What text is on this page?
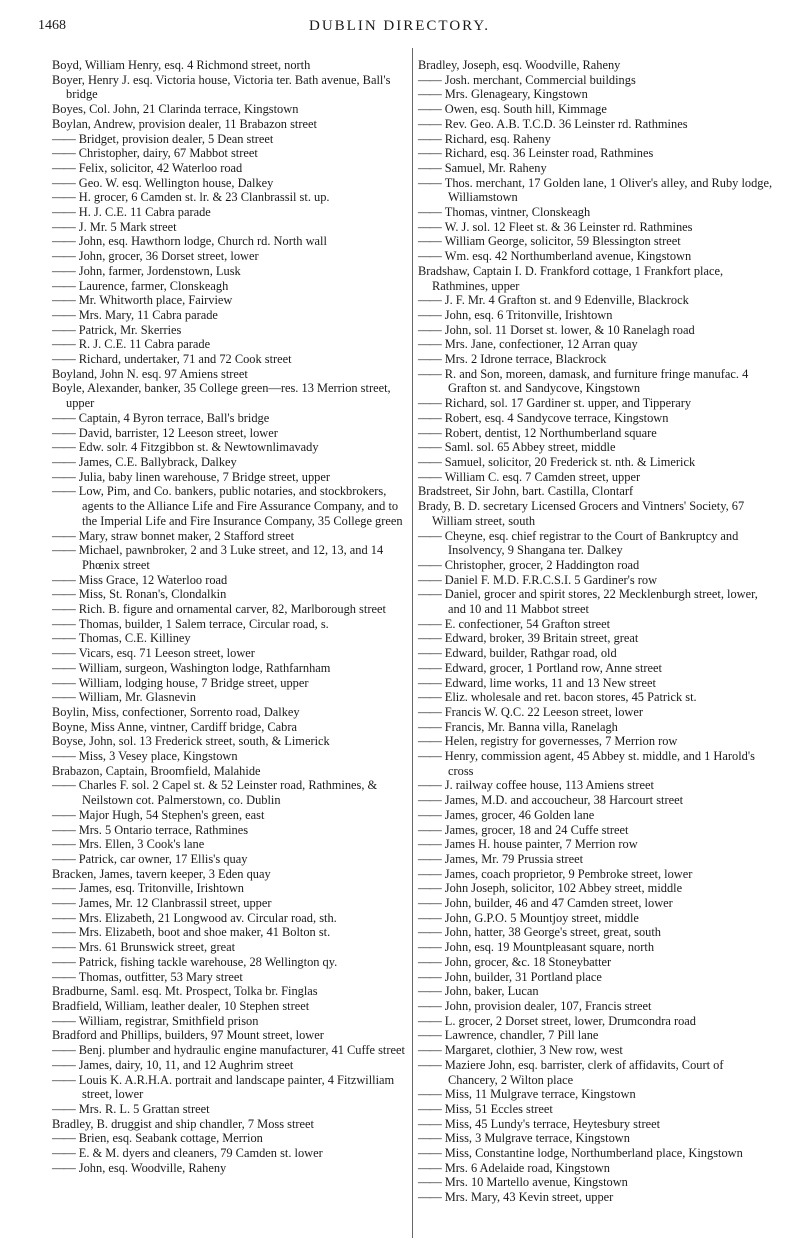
1468	DUBLIN DIRECTORY.
Boyd, William Henry, esq. 4 Richmond street, north
Boyer, Henry J. esq. Victoria house, Victoria ter. Bath avenue, Ball's bridge
Boyes, Col. John, 21 Clarinda terrace, Kingstown
Boylan, Andrew, provision dealer, 11 Brabazon street
—— Bridget, provision dealer, 5 Dean street
—— Christopher, dairy, 67 Mabbot street
—— Felix, solicitor, 42 Waterloo road
—— Geo. W. esq. Wellington house, Dalkey
—— H. grocer, 6 Camden st. lr. & 23 Clanbrassil st. up.
—— H. J. C.E. 11 Cabra parade
—— J. Mr. 5 Mark street
—— John, esq. Hawthorn lodge, Church rd. North wall
—— John, grocer, 36 Dorset street, lower
—— John, farmer, Jordenstown, Lusk
—— Laurence, farmer, Clonskeagh
—— Mr. Whitworth place, Fairview
—— Mrs. Mary, 11 Cabra parade
—— Patrick, Mr. Skerries
—— R. J. C.E. 11 Cabra parade
—— Richard, undertaker, 71 and 72 Cook street
Boyland, John N. esq. 97 Amiens street
Boyle, Alexander, banker, 35 College green—res. 13 Merrion street, upper
—— Captain, 4 Byron terrace, Ball's bridge
—— David, barrister, 12 Leeson street, lower
—— Edw. solr. 4 Fitzgibbon st. & Newtownlimavady
—— James, C.E. Ballybrack, Dalkey
—— Julia, baby linen warehouse, 7 Bridge street, upper
—— Low, Pim, and Co. bankers, public notaries, and stockbrokers, agents to the Alliance Life and Fire Assurance Company, and to the Imperial Life and Fire Insurance Company, 35 College green
—— Mary, straw bonnet maker, 2 Stafford street
—— Michael, pawnbroker, 2 and 3 Luke street, and 12, 13, and 14 Phœnix street
—— Miss Grace, 12 Waterloo road
—— Miss, St. Ronan's, Clondalkin
—— Rich. B. figure and ornamental carver, 82, Marlborough street
—— Thomas, builder, 1 Salem terrace, Circular road, s.
—— Thomas, C.E. Killiney
—— Vicars, esq. 71 Leeson street, lower
—— William, surgeon, Washington lodge, Rathfarnham
—— William, lodging house, 7 Bridge street, upper
—— William, Mr. Glasnevin
Boylin, Miss, confectioner, Sorrento road, Dalkey
Boyne, Miss Anne, vintner, Cardiff bridge, Cabra
Boyse, John, sol. 13 Frederick street, south, & Limerick
—— Miss, 3 Vesey place, Kingstown
Brabazon, Captain, Broomfield, Malahide
—— Charles F. sol. 2 Capel st. & 52 Leinster road, Rathmines, & Neilstown cot. Palmerstown, co. Dublin
—— Major Hugh, 54 Stephen's green, east
—— Mrs. 5 Ontario terrace, Rathmines
—— Mrs. Ellen, 3 Cook's lane
—— Patrick, car owner, 17 Ellis's quay
Bracken, James, tavern keeper, 3 Eden quay
—— James, esq. Tritonville, Irishtown
—— James, Mr. 12 Clanbrassil street, upper
—— Mrs. Elizabeth, 21 Longwood av. Circular road, sth.
—— Mrs. Elizabeth, boot and shoe maker, 41 Bolton st.
—— Mrs. 61 Brunswick street, great
—— Patrick, fishing tackle warehouse, 28 Wellington qy.
—— Thomas, outfitter, 53 Mary street
Bradburne, Saml. esq. Mt. Prospect, Tolka br. Finglas
Bradfield, William, leather dealer, 10 Stephen street
—— William, registrar, Smithfield prison
Bradford and Phillips, builders, 97 Mount street, lower
—— Benj. plumber and hydraulic engine manufacturer, 41 Cuffe street
—— James, dairy, 10, 11, and 12 Aughrim street
—— Louis K. A.R.H.A. portrait and landscape painter, 4 Fitzwilliam street, lower
—— Mrs. R. L. 5 Grattan street
Bradley, B. druggist and ship chandler, 7 Moss street
—— Brien, esq. Seabank cottage, Merrion
—— E. & M. dyers and cleaners, 79 Camden st. lower
—— John, esq. Woodville, Raheny
Bradley, Joseph, esq. Woodville, Raheny
—— Josh. merchant, Commercial buildings
—— Mrs. Glenageary, Kingstown
—— Owen, esq. South hill, Kimmage
—— Rev. Geo. A.B. T.C.D. 36 Leinster rd. Rathmines
—— Richard, esq. Raheny
—— Richard, esq. 36 Leinster road, Rathmines
—— Samuel, Mr. Raheny
—— Thos. merchant, 17 Golden lane, 1 Oliver's alley, and Ruby lodge, Williamstown
—— Thomas, vintner, Clonskeagh
—— W. J. sol. 12 Fleet st. & 36 Leinster rd. Rathmines
—— William George, solicitor, 59 Blessington street
—— Wm. esq. 42 Northumberland avenue, Kingstown
Bradshaw, Captain I. D. Frankford cottage, 1 Frankfort place, Rathmines, upper
—— J. F. Mr. 4 Grafton st. and 9 Edenville, Blackrock
—— John, esq. 6 Tritonville, Irishtown
—— John, sol. 11 Dorset st. lower, & 10 Ranelagh road
—— Mrs. Jane, confectioner, 12 Arran quay
—— Mrs. 2 Idrone terrace, Blackrock
—— R. and Son, moreen, damask, and furniture fringe manufac. 4 Grafton st. and Sandycove, Kingstown
—— Richard, sol. 17 Gardiner st. upper, and Tipperary
—— Robert, esq. 4 Sandycove terrace, Kingstown
—— Robert, dentist, 12 Northumberland square
—— Saml. sol. 65 Abbey street, middle
—— Samuel, solicitor, 20 Frederick st. nth. & Limerick
—— William C. esq. 7 Camden street, upper
Bradstreet, Sir John, bart. Castilla, Clontarf
Brady, B. D. secretary Licensed Grocers and Vintners' Society, 67 William street, south
—— Cheyne, esq. chief registrar to the Court of Bankruptcy and Insolvency, 9 Shangana ter. Dalkey
—— Christopher, grocer, 2 Haddington road
—— Daniel F. M.D. F.R.C.S.I. 5 Gardiner's row
—— Daniel, grocer and spirit stores, 22 Mecklenburgh street, lower, and 10 and 11 Mabbot street
—— E. confectioner, 54 Grafton street
—— Edward, broker, 39 Britain street, great
—— Edward, builder, Rathgar road, old
—— Edward, grocer, 1 Portland row, Anne street
—— Edward, lime works, 11 and 13 New street
—— Eliz. wholesale and ret. bacon stores, 45 Patrick st.
—— Francis W. Q.C. 22 Leeson street, lower
—— Francis, Mr. Banna villa, Ranelagh
—— Helen, registry for governesses, 7 Merrion row
—— Henry, commission agent, 45 Abbey st. middle, and 1 Harold's cross
—— J. railway coffee house, 113 Amiens street
—— James, M.D. and accoucheur, 38 Harcourt street
—— James, grocer, 46 Golden lane
—— James, grocer, 18 and 24 Cuffe street
—— James H. house painter, 7 Merrion row
—— James, Mr. 79 Prussia street
—— James, coach proprietor, 9 Pembroke street, lower
—— John Joseph, solicitor, 102 Abbey street, middle
—— John, builder, 46 and 47 Camden street, lower
—— John, G.P.O. 5 Mountjoy street, middle
—— John, hatter, 38 George's street, great, south
—— John, esq. 19 Mountpleasant square, north
—— John, grocer, &c. 18 Stoneybatter
—— John, builder, 31 Portland place
—— John, baker, Lucan
—— John, provision dealer, 107, Francis street
—— L. grocer, 2 Dorset street, lower, Drumcondra road
—— Lawrence, chandler, 7 Pill lane
—— Margaret, clothier, 3 New row, west
—— Maziere John, esq. barrister, clerk of affidavits, Court of Chancery, 2 Wilton place
—— Miss, 11 Mulgrave terrace, Kingstown
—— Miss, 51 Eccles street
—— Miss, 45 Lundy's terrace, Heytesbury street
—— Miss, 3 Mulgrave terrace, Kingstown
—— Miss, Constantine lodge, Northumberland place, Kingstown
—— Mrs. 6 Adelaide road, Kingstown
—— Mrs. 10 Martello avenue, Kingstown
—— Mrs. Mary, 43 Kevin street, upper
